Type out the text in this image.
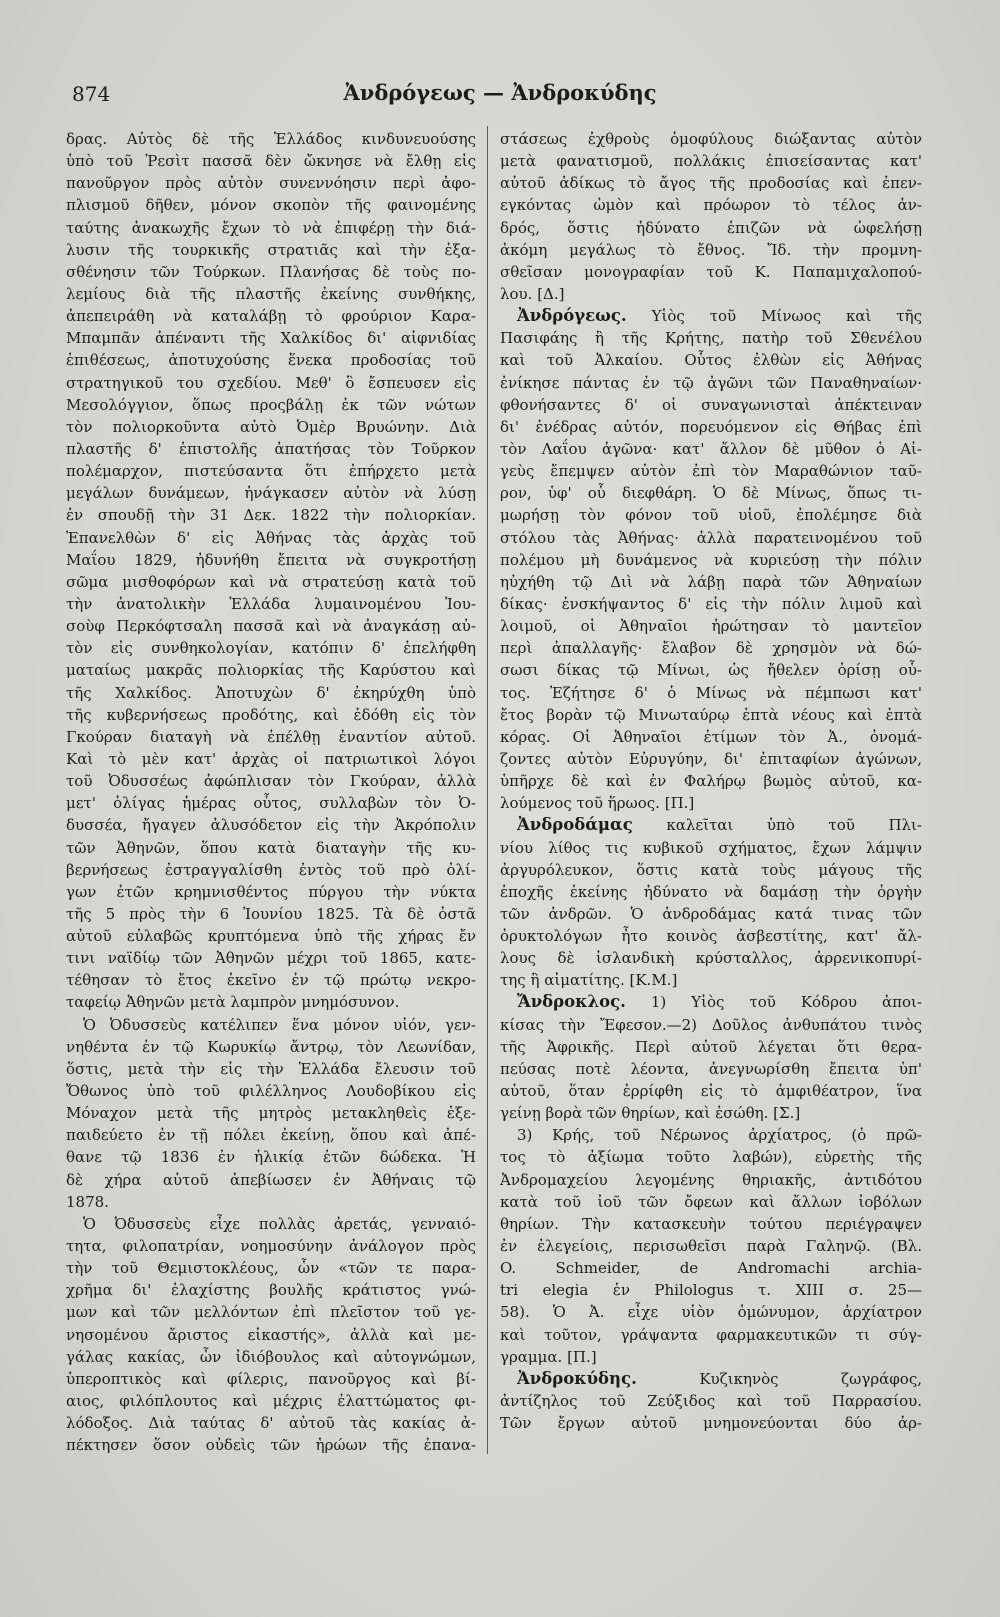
874	Ἀνδρόγεως — Ἀνδροκύδης
δρας. Αὐτὸς δὲ τῆς Ἑλλάδος κινδυνευούσης
ὑπὸ τοῦ Ῥεσὶτ πασσᾶ δὲν ὤκνησε νὰ ἔλθῃ εἰς
πανοῦργον πρὸς αὐτὸν συνεννόησιν περὶ ἀφο-
πλισμοῦ δῆθεν, μόνον σκοπὸν τῆς φαινομένης
ταύτης ἀνακωχῆς ἔχων τὸ νὰ ἐπιφέρῃ τὴν διά-
λυσιν τῆς τουρκικῆς στρατιᾶς καὶ τὴν ἐξα-
σθένησιν τῶν Τούρκων. Πλανήσας δὲ τοὺς πο-
λεμίους διὰ τῆς πλαστῆς ἐκείνης συνθήκης,
ἀπεπειράθη νὰ καταλάβῃ τὸ φρούριον Καρα-
Μπαμπᾶν ἀπέναντι τῆς Χαλκίδος δι' αἰφνιδίας
ἐπιθέσεως, ἀποτυχούσης ἕνεκα προδοσίας τοῦ
στρατηγικοῦ του σχεδίου. Μεθ' ὃ ἔσπευσεν εἰς
Μεσολόγγιον, ὅπως προςβάλῃ ἐκ τῶν νώτων
τὸν πολιορκοῦντα αὐτὸ Ὀμὲρ Βρυώνην. Διὰ
πλαστῆς δ' ἐπιστολῆς ἀπατήσας τὸν Τοῦρκον
πολέμαρχον, πιστεύσαντα ὅτι ἐπήρχετο μετὰ
μεγάλων δυνάμεων, ἠνάγκασεν αὐτὸν νὰ λύσῃ
ἐν σπουδῇ τὴν 31 Δεκ. 1822 τὴν πολιορκίαν.
Ἐπανελθὼν δ' εἰς Ἀθήνας τὰς ἀρχὰς τοῦ
Μαΐου 1829, ἠδυνήθη ἔπειτα νὰ συγκροτήσῃ
σῶμα μισθοφόρων καὶ νὰ στρατεύσῃ κατὰ τοῦ
τὴν ἀνατολικὴν Ἑλλάδα λυμαινομένου Ἰου-
σοὺφ Περκόφτσαλη πασσᾶ καὶ νὰ ἀναγκάσῃ αὐ-
τὸν εἰς συνθηκολογίαν, κατόπιν δ' ἐπελήφθη
ματαίως μακρᾶς πολιορκίας τῆς Καρύστου καὶ
τῆς Χαλκίδος. Ἀποτυχὼν δ' ἐκηρύχθη ὑπὸ
τῆς κυβερνήσεως προδότης, καὶ ἐδόθη εἰς τὸν
Γκούραν διαταγὴ νὰ ἐπέλθῃ ἐναντίον αὐτοῦ.
Καὶ τὸ μὲν κατ' ἀρχὰς οἱ πατριωτικοὶ λόγοι
τοῦ Ὀδυσσέως ἀφώπλισαν τὸν Γκούραν, ἀλλὰ
μετ' ὀλίγας ἡμέρας οὗτος, συλλαβὼν τὸν Ὀ-
δυσσέα, ἤγαγεν ἁλυσόδετον εἰς τὴν Ἀκρόπολιν
τῶν Ἀθηνῶν, ὅπου κατὰ διαταγὴν τῆς κυ-
βερνήσεως ἐστραγγαλίσθη ἐντὸς τοῦ πρὸ ὀλί-
γων ἐτῶν κρημνισθέντος πύργου τὴν νύκτα
τῆς 5 πρὸς τὴν 6 Ἰουνίου 1825. Τὰ δὲ ὀστᾶ
αὐτοῦ εὐλαβῶς κρυπτόμενα ὑπὸ τῆς χήρας ἔν
τινι ναϊδίῳ τῶν Ἀθηνῶν μέχρι τοῦ 1865, κατε-
τέθησαν τὸ ἔτος ἐκεῖνο ἐν τῷ πρώτῳ νεκρο-
ταφείῳ Ἀθηνῶν μετὰ λαμπρὸν μνημόσυνον.
Ὁ Ὀδυσσεὺς κατέλιπεν ἕνα μόνον υἱόν, γεν-
νηθέντα ἐν τῷ Κωρυκίῳ ἄντρῳ, τὸν Λεωνίδαν,
ὅστις, μετὰ τὴν εἰς τὴν Ἑλλάδα ἔλευσιν τοῦ
Ὄθωνος ὑπὸ τοῦ φιλέλληνος Λουδοβίκου εἰς
Μόναχον μετὰ τῆς μητρὸς μετακληθεὶς ἐξε-
παιδεύετο ἐν τῇ πόλει ἐκείνῃ, ὅπου καὶ ἀπέ-
θανε τῷ 1836 ἐν ἡλικίᾳ ἐτῶν δώδεκα. Ἡ
δὲ χήρα αὐτοῦ ἀπεβίωσεν ἐν Ἀθήναις τῷ
1878.
Ὁ Ὀδυσσεὺς εἶχε πολλὰς ἀρετάς, γενναιό-
τητα, φιλοπατρίαν, νοημοσύνην ἀνάλογον πρὸς
τὴν τοῦ Θεμιστοκλέους, ὧν «τῶν τε παρα-
χρῆμα δι' ἐλαχίστης βουλῆς κράτιστος γνώ-
μων καὶ τῶν μελλόντων ἐπὶ πλεῖστον τοῦ γε-
νησομένου ἄριστος εἰκαστής», ἀλλὰ καὶ με-
γάλας κακίας, ὧν ἰδιόβουλος καὶ αὐτογνώμων,
ὑπεροπτικὸς καὶ φίλερις, πανοῦργος καὶ βί-
αιος, φιλόπλουτος καὶ μέχρις ἐλαττώματος φι-
λόδοξος. Διὰ ταύτας δ' αὐτοῦ τὰς κακίας ἀ-
πέκτησεν ὅσον οὐδεὶς τῶν ἡρώων τῆς ἐπανα-
στάσεως ἐχθροὺς ὁμοφύλους διώξαντας αὐτὸν
μετὰ φανατισμοῦ, πολλάκις ἐπισείσαντας κατ'
αὐτοῦ ἀδίκως τὸ ἄγος τῆς προδοσίας καὶ ἐπεν-
εγκόντας ὠμὸν καὶ πρόωρον τὸ τέλος ἀν-
δρός, ὅστις ἠδύνατο ἐπιζῶν νὰ ὠφελήσῃ
ἀκόμη μεγάλως τὸ ἔθνος. Ἴδ. τὴν προμνη-
σθεῖσαν μονογραφίαν τοῦ Κ. Παπαμιχαλοπού-
λου. [Δ.]
Ἀνδρόγεως. Υἱὸς τοῦ Μίνωος καὶ τῆς
Πασιφάης ἢ τῆς Κρήτης, πατὴρ τοῦ Σθενέλου
καὶ τοῦ Ἀλκαίου. Οὗτος ἐλθὼν εἰς Ἀθήνας
ἐνίκησε πάντας ἐν τῷ ἀγῶνι τῶν Παναθηναίων·
φθονήσαντες δ' οἱ συναγωνισταὶ ἀπέκτειναν
δι' ἐνέδρας αὐτόν, πορευόμενον εἰς Θήβας ἐπὶ
τὸν Λαΐου ἀγῶνα· κατ' ἄλλον δὲ μῦθον ὁ Αἰ-
γεὺς ἔπεμψεν αὐτὸν ἐπὶ τὸν Μαραθώνιον ταῦ-
ρον, ὑφ' οὗ διεφθάρη. Ὁ δὲ Μίνως, ὅπως τι-
μωρήσῃ τὸν φόνον τοῦ υἱοῦ, ἐπολέμησε διὰ
στόλου τὰς Ἀθήνας· ἀλλὰ παρατεινομένου τοῦ
πολέμου μὴ δυνάμενος νὰ κυριεύσῃ τὴν πόλιν
ηὐχήθη τῷ Διὶ νὰ λάβῃ παρὰ τῶν Ἀθηναίων
δίκας· ἐνσκήψαντος δ' εἰς τὴν πόλιν λιμοῦ καὶ
λοιμοῦ, οἱ Ἀθηναῖοι ἠρώτησαν τὸ μαντεῖον
περὶ ἀπαλλαγῆς· ἔλαβον δὲ χρησμὸν νὰ δώ-
σωσι δίκας τῷ Μίνωι, ὡς ἤθελεν ὁρίσῃ οὗ-
τος. Ἐζήτησε δ' ὁ Μίνως νὰ πέμπωσι κατ'
ἔτος βορὰν τῷ Μινωταύρῳ ἑπτὰ νέους καὶ ἑπτὰ
κόρας. Οἱ Ἀθηναῖοι ἐτίμων τὸν Ἀ., ὀνομά-
ζοντες αὐτὸν Εὐρυγύην, δι' ἐπιταφίων ἀγώνων,
ὑπῆρχε δὲ καὶ ἐν Φαλήρῳ βωμὸς αὐτοῦ, κα-
λούμενος τοῦ ἥρωος. [Π.]
Ἀνδροδάμας καλεῖται ὑπὸ τοῦ Πλι-
νίου λίθος τις κυβικοῦ σχήματος, ἔχων λάμψιν
ἀργυρόλευκον, ὅστις κατὰ τοὺς μάγους τῆς
ἐποχῆς ἐκείνης ἠδύνατο νὰ δαμάσῃ τὴν ὀργὴν
τῶν ἀνδρῶν. Ὁ ἀνδροδάμας κατά τινας τῶν
ὀρυκτολόγων ἦτο κοινὸς ἀσβεστίτης, κατ' ἄλ-
λους δὲ ἰσλανδικὴ κρύσταλλος, ἀρρενικοπυρί-
της ἢ αἱματίτης. [Κ.Μ.]
Ἄνδροκλος. 1) Υἱὸς τοῦ Κόδρου ἀποι-
κίσας τὴν Ἔφεσον.—2) Δοῦλος ἀνθυπάτου τινὸς
τῆς Ἀφρικῆς. Περὶ αὐτοῦ λέγεται ὅτι θερα-
πεύσας ποτὲ λέοντα, ἀνεγνωρίσθη ἔπειτα ὑπ'
αὐτοῦ, ὅταν ἐρρίφθη εἰς τὸ ἀμφιθέατρον, ἵνα
γείνῃ βορὰ τῶν θηρίων, καὶ ἐσώθη. [Σ.]
3) Κρής, τοῦ Νέρωνος ἀρχίατρος, (ὁ πρῶ-
τος τὸ ἀξίωμα τοῦτο λαβών), εὑρετὴς τῆς
Ἀνδρομαχείου λεγομένης θηριακῆς, ἀντιδότου
κατὰ τοῦ ἰοῦ τῶν ὄφεων καὶ ἄλλων ἰοβόλων
θηρίων. Τὴν κατασκευὴν τούτου περιέγραψεν
ἐν ἐλεγείοις, περισωθεῖσι παρὰ Γαληνῷ. (Βλ.
O. Schmeider, de Andromachi archia-
tri elegia ἐν Philologus τ. XIII σ. 25—
58). Ὁ Ἀ. εἶχε υἱὸν ὁμώνυμον, ἀρχίατρον
καὶ τοῦτον, γράψαντα φαρμακευτικῶν τι σύγ-
γραμμα. [Π.]
Ἀνδροκύδης.	Κυζικηνὸς ζωγράφος,
ἀντίζηλος τοῦ Ζεύξιδος καὶ τοῦ Παρρασίου.
Τῶν ἔργων αὐτοῦ μνημονεύονται δύο ἀρ-
